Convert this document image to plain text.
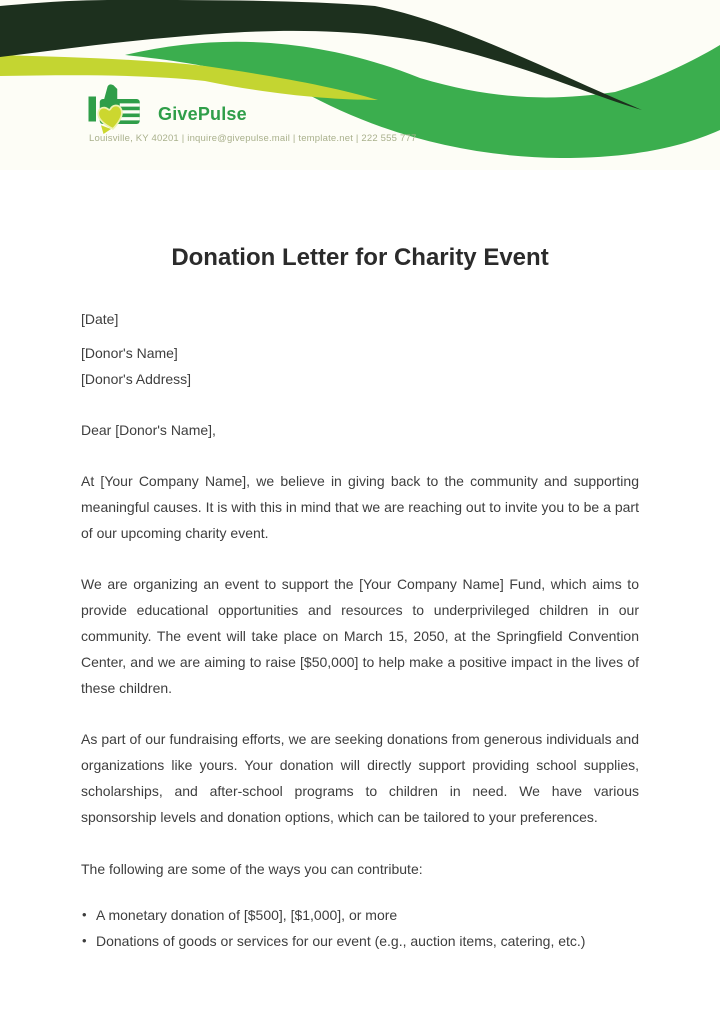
GivePulse
Louisville, KY 40201 | inquire@givepulse.mail | template.net | 222 555 777
Donation Letter for Charity Event
[Date]
[Donor's Name]
[Donor's Address]
Dear [Donor's Name],

At [Your Company Name], we believe in giving back to the community and supporting meaningful causes. It is with this in mind that we are reaching out to invite you to be a part of our upcoming charity event.

We are organizing an event to support the [Your Company Name] Fund, which aims to provide educational opportunities and resources to underprivileged children in our community. The event will take place on March 15, 2050, at the Springfield Convention Center, and we are aiming to raise [$50,000] to help make a positive impact in the lives of these children.

As part of our fundraising efforts, we are seeking donations from generous individuals and organizations like yours. Your donation will directly support providing school supplies, scholarships, and after-school programs to children in need. We have various sponsorship levels and donation options, which can be tailored to your preferences.

The following are some of the ways you can contribute:
• A monetary donation of [$500], [$1,000], or more
• Donations of goods or services for our event (e.g., auction items, catering, etc.)
